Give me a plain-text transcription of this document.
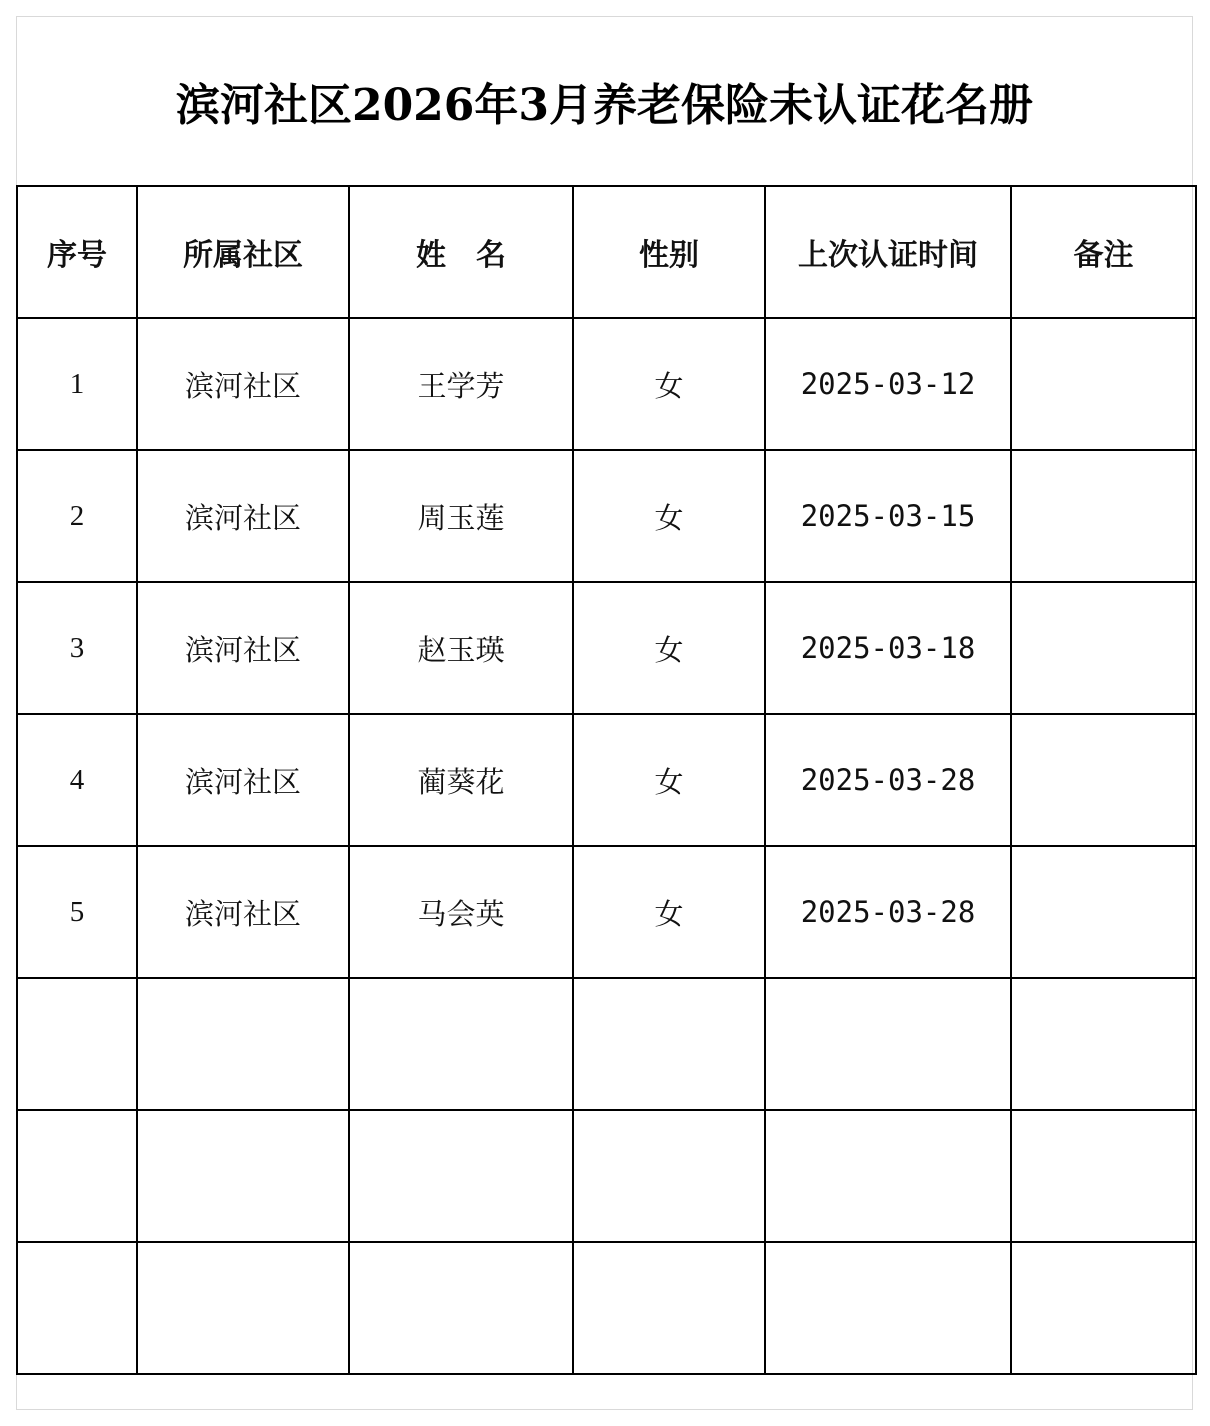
滨河社区2026年3月养老保险未认证花名册
序号	所属社区	姓　名	性别	上次认证时间	备注
1	滨河社区	王学芳	女	2025-03-12	
2	滨河社区	周玉莲	女	2025-03-15	
3	滨河社区	赵玉瑛	女	2025-03-18	
4	滨河社区	蔺葵花	女	2025-03-28	
5	滨河社区	马会英	女	2025-03-28	
